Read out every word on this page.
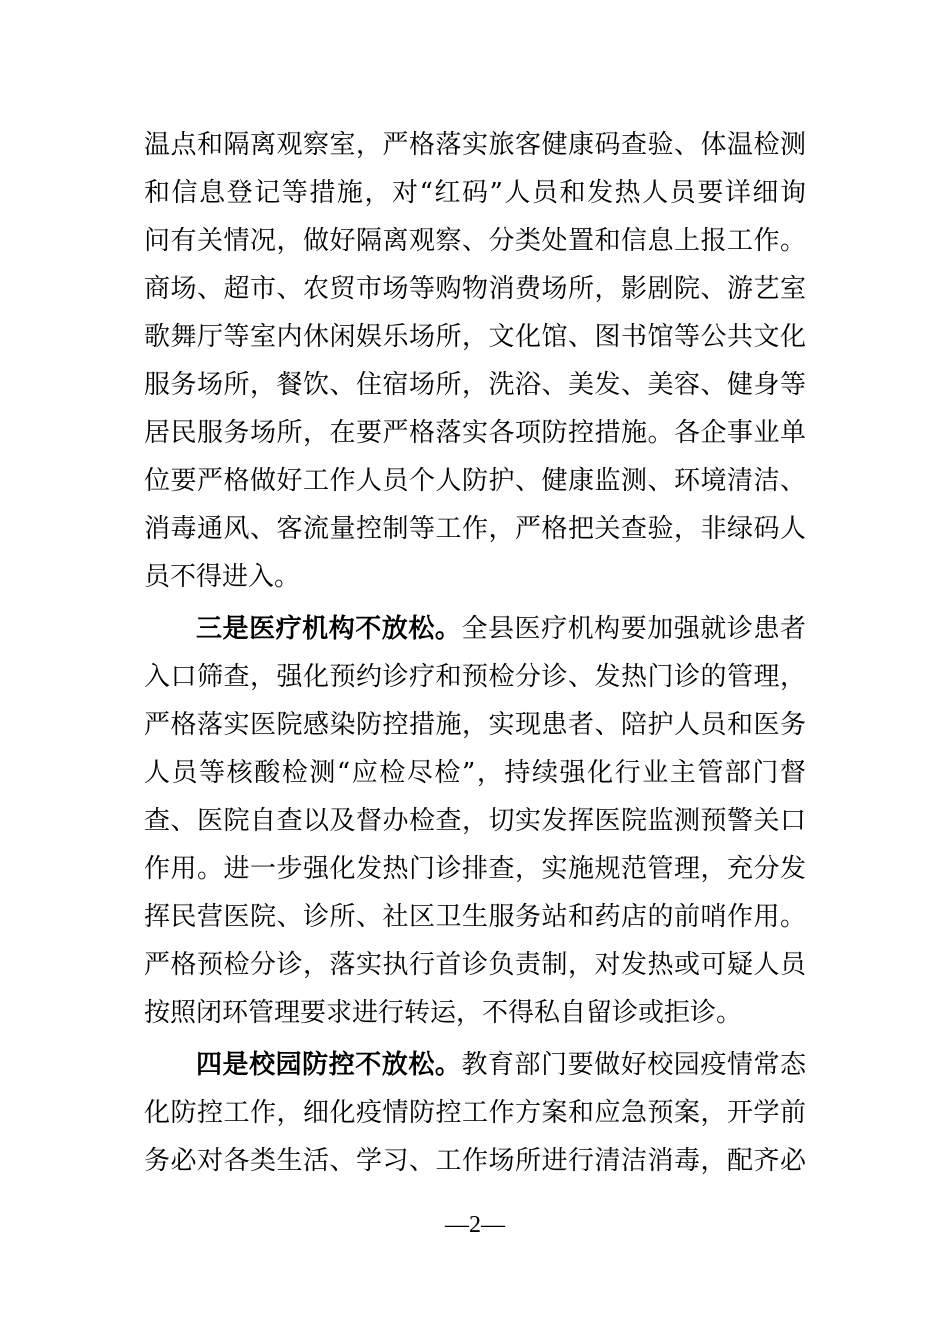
温点和隔离观察室，严格落实旅客健康码查验、体温检测
和信息登记等措施，对“红码”人员和发热人员要详细询
问有关情况，做好隔离观察、分类处置和信息上报工作。
商场、超市、农贸市场等购物消费场所，影剧院、游艺室
歌舞厅等室内休闲娱乐场所，文化馆、图书馆等公共文化
服务场所，餐饮、住宿场所，洗浴、美发、美容、健身等
居民服务场所，在要严格落实各项防控措施。各企事业单
位要严格做好工作人员个人防护、健康监测、环境清洁、
消毒通风、客流量控制等工作，严格把关查验，非绿码人
员不得进入。
三是医疗机构不放松。全县医疗机构要加强就诊患者
入口筛查，强化预约诊疗和预检分诊、发热门诊的管理，
严格落实医院感染防控措施，实现患者、陪护人员和医务
人员等核酸检测“应检尽检”，持续强化行业主管部门督
查、医院自查以及督办检查，切实发挥医院监测预警关口
作用。进一步强化发热门诊排查，实施规范管理，充分发
挥民营医院、诊所、社区卫生服务站和药店的前哨作用。
严格预检分诊，落实执行首诊负责制，对发热或可疑人员
按照闭环管理要求进行转运，不得私自留诊或拒诊。
四是校园防控不放松。教育部门要做好校园疫情常态
化防控工作，细化疫情防控工作方案和应急预案，开学前
务必对各类生活、学习、工作场所进行清洁消毒，配齐必
—2—
